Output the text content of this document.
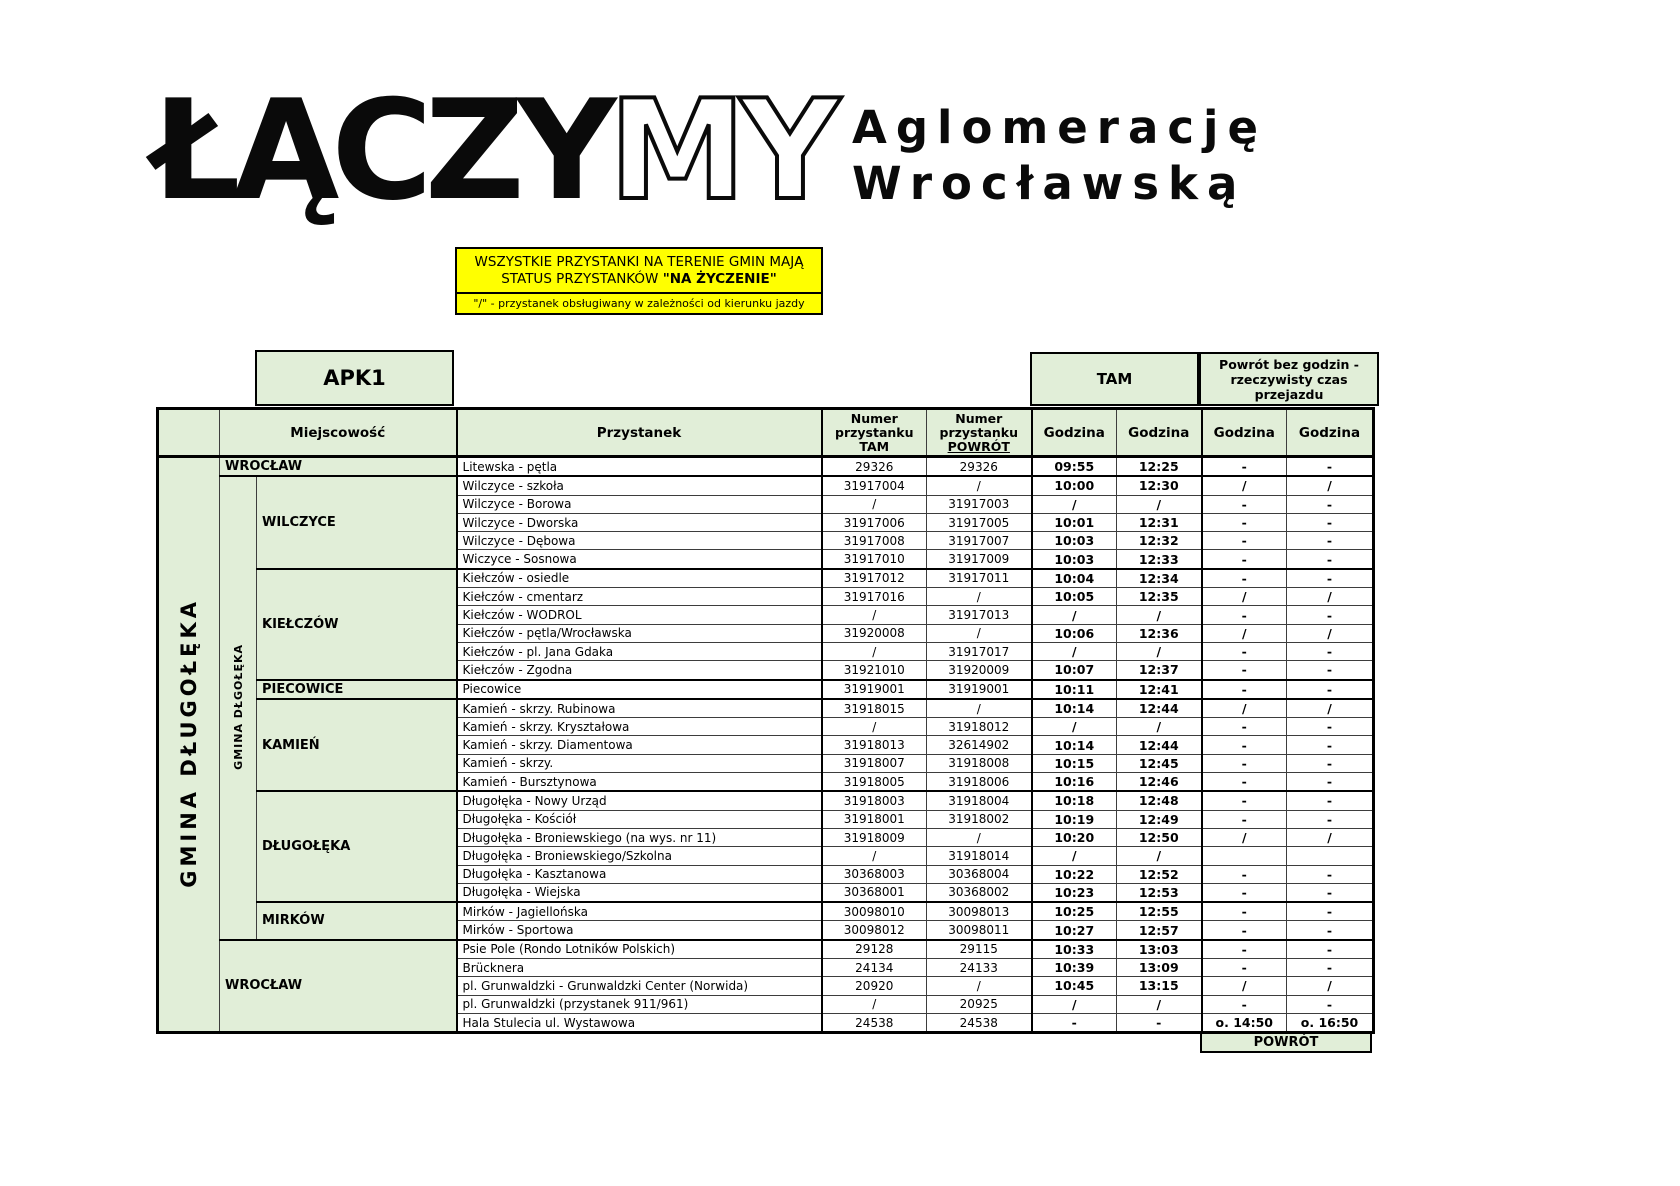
ŁĄCZYMY Aglomerację
Wrocławską
WSZYSTKIE PRZYSTANKI NA TERENIE GMIN MAJĄ
STATUS PRZYSTANKÓW "NA ŻYCZENIE"
"/" - przystanek obsługiwany w zależności od kierunku jazdy
APK1	TAM
Powrót bez godzin - rzeczywisty czas przejazdu
	Miejscowość	Przystanek	
Numer
przystanku
TAM

Numer
przystanku
POWRÓT
	Godzina	Godzina	Godzina	Godzina
GMINA DŁUGOŁĘKA	WROCŁAW		Litewska - pętla	29326	29326	09:55	12:25	-	-
	GMINA DŁGOŁĘKA	WILCZYCE	Wilczyce - szkoła	31917004	/	10:00	12:30	/	/
			Wilczyce - Borowa	/	31917003	/	/	-	-
			Wilczyce - Dworska	31917006	31917005	10:01	12:31	-	-
			Wilczyce - Dębowa	31917008	31917007	10:03	12:32	-	-
			Wiczyce - Sosnowa	31917010	31917009	10:03	12:33	-	-
		KIEŁCZÓW	Kiełczów - osiedle	31917012	31917011	10:04	12:34	-	-
			Kiełczów - cmentarz	31917016	/	10:05	12:35	/	/
			Kiełczów - WODROL	/	31917013	/	/	-	-
			Kiełczów - pętla/Wrocławska	31920008	/	10:06	12:36	/	/
			Kiełczów - pl. Jana Gdaka	/	31917017	/	/	-	-
			Kiełczów - Zgodna	31921010	31920009	10:07	12:37	-	-
		PIECOWICE	Piecowice	31919001	31919001	10:11	12:41	-	-
		KAMIEŃ	Kamień - skrzy. Rubinowa	31918015	/	10:14	12:44	/	/
			Kamień - skrzy. Kryształowa	/	31918012	/	/	-	-
			Kamień - skrzy. Diamentowa	31918013	32614902	10:14	12:44	-	-
			Kamień - skrzy.	31918007	31918008	10:15	12:45	-	-
			Kamień - Bursztynowa	31918005	31918006	10:16	12:46	-	-
		DŁUGOŁĘKA	Długołęka - Nowy Urząd	31918003	31918004	10:18	12:48	-	-
			Długołęka - Kościół	31918001	31918002	10:19	12:49	-	-
			Długołęka - Broniewskiego (na wys. nr 11)	31918009	/	10:20	12:50	/	/
			Długołęka - Broniewskiego/Szkolna	/	31918014	/	/		
			Długołęka - Kasztanowa	30368003	30368004	10:22	12:52	-	-
			Długołęka - Wiejska	30368001	30368002	10:23	12:53	-	-
		MIRKÓW	Mirków - Jagiellońska	30098010	30098013	10:25	12:55	-	-
			Mirków - Sportowa	30098012	30098011	10:27	12:57	-	-
	WROCŁAW		Psie Pole (Rondo Lotników Polskich)	29128	29115	10:33	13:03	-	-
			Brücknera	24134	24133	10:39	13:09	-	-
			pl. Grunwaldzki - Grunwaldzki Center (Norwida)	20920	/	10:45	13:15	/	/
			pl. Grunwaldzki (przystanek 911/961)	/	20925	/	/	-	-
			Hala Stulecia ul. Wystawowa	24538	24538	-	-	o. 14:50	o. 16:50
POWRÓT
